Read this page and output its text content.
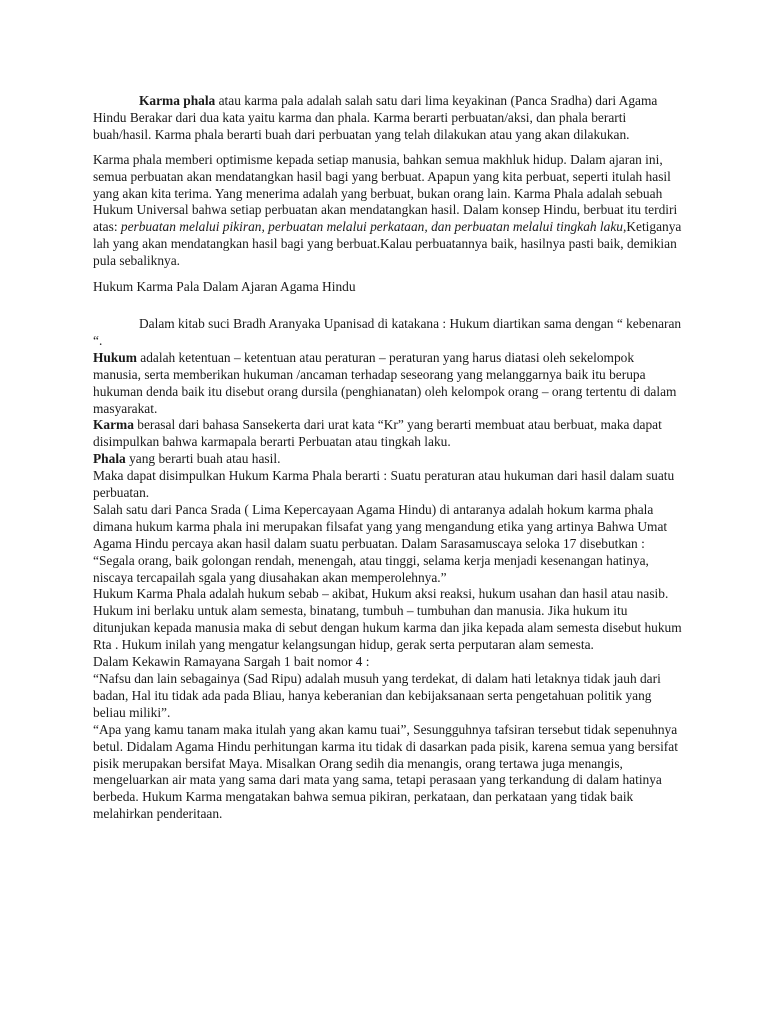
Karma phala atau karma pala adalah salah satu dari lima keyakinan (Panca Sradha) dari Agama Hindu Berakar dari dua kata yaitu karma dan phala. Karma berarti perbuatan/aksi, dan phala berarti buah/hasil. Karma phala berarti buah dari perbuatan yang telah dilakukan atau yang akan dilakukan.

Karma phala memberi optimisme kepada setiap manusia, bahkan semua makhluk hidup. Dalam ajaran ini, semua perbuatan akan mendatangkan hasil bagi yang berbuat. Apapun yang kita perbuat, seperti itulah hasil yang akan kita terima. Yang menerima adalah yang berbuat, bukan orang lain. Karma Phala adalah sebuah Hukum Universal bahwa setiap perbuatan akan mendatangkan hasil. Dalam konsep Hindu, berbuat itu terdiri atas: perbuatan melalui pikiran, perbuatan melalui perkataan, dan perbuatan melalui tingkah laku,Ketiganya lah yang akan mendatangkan hasil bagi yang berbuat.Kalau perbuatannya baik, hasilnya pasti baik, demikian pula sebaliknya.

Hukum Karma Pala Dalam Ajaran Agama Hindu

Dalam kitab suci Bradh Aranyaka Upanisad di katakana : Hukum diartikan sama dengan “ kebenaran “.

Hukum adalah ketentuan – ketentuan atau peraturan – peraturan yang harus diatasi oleh sekelompok manusia, serta memberikan hukuman /ancaman terhadap seseorang yang melanggarnya baik itu berupa hukuman denda baik itu disebut orang dursila (penghianatan) oleh kelompok orang – orang tertentu di dalam masyarakat.

Karma berasal dari bahasa Sansekerta dari urat kata “Kr” yang berarti membuat atau berbuat, maka dapat disimpulkan bahwa karmapala berarti Perbuatan atau tingkah laku.

Phala yang berarti buah atau hasil.

Maka dapat disimpulkan Hukum Karma Phala berarti : Suatu peraturan atau hukuman dari hasil dalam suatu perbuatan.

Salah satu dari Panca Srada ( Lima Kepercayaan Agama Hindu) di antaranya adalah hokum karma phala dimana hukum karma phala ini merupakan filsafat yang yang mengandung etika yang artinya Bahwa Umat Agama Hindu percaya akan hasil dalam suatu perbuatan. Dalam Sarasamuscaya seloka 17 disebutkan :

“Segala orang, baik golongan rendah, menengah, atau tinggi, selama kerja menjadi kesenangan hatinya, niscaya tercapailah sgala yang diusahakan akan memperolehnya.”

Hukum Karma Phala adalah hukum sebab – akibat, Hukum aksi reaksi, hukum usahan dan hasil atau nasib. Hukum ini berlaku untuk alam semesta, binatang, tumbuh – tumbuhan dan manusia. Jika hukum itu ditunjukan kepada manusia maka di sebut dengan hukum karma dan jika kepada alam semesta disebut hukum Rta . Hukum inilah yang mengatur kelangsungan hidup, gerak serta perputaran alam semesta.

Dalam Kekawin Ramayana Sargah 1 bait nomor 4 :

“Nafsu dan lain sebagainya (Sad Ripu) adalah musuh yang terdekat, di dalam hati letaknya tidak jauh dari badan, Hal itu tidak ada pada Bliau, hanya keberanian dan kebijaksanaan serta pengetahuan politik yang beliau miliki”.

“Apa yang kamu tanam maka itulah yang akan kamu tuai”, Sesungguhnya tafsiran tersebut tidak sepenuhnya betul. Didalam Agama Hindu perhitungan karma itu tidak di dasarkan pada pisik, karena semua yang bersifat pisik merupakan bersifat Maya. Misalkan Orang sedih dia menangis, orang tertawa juga menangis, mengeluarkan air mata yang sama dari mata yang sama, tetapi perasaan yang terkandung di dalam hatinya berbeda. Hukum Karma mengatakan bahwa semua pikiran, perkataan, dan perkataan yang tidak baik melahirkan penderitaan.
